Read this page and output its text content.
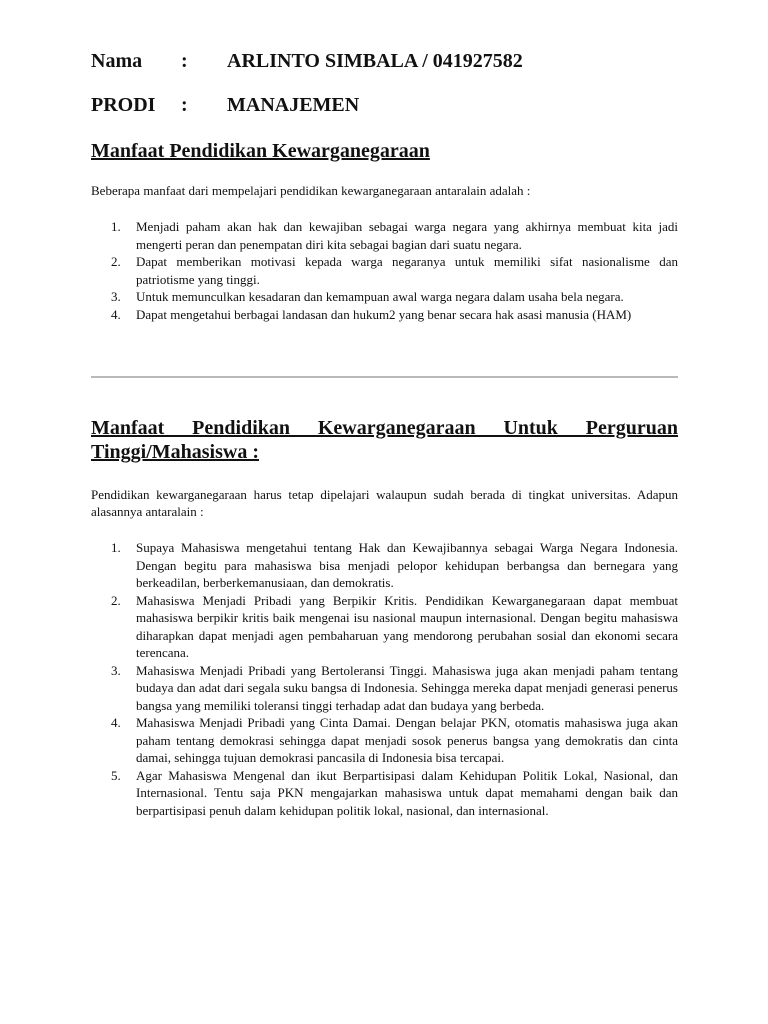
Nama : ARLINTO SIMBALA / 041927582
PRODI : MANAJEMEN
Manfaat Pendidikan Kewarganegaraan

Beberapa manfaat dari mempelajari pendidikan kewarganegaraan antaralain adalah :

1. Menjadi paham akan hak dan kewajiban sebagai warga negara yang akhirnya membuat kita jadi mengerti peran dan penempatan diri kita sebagai bagian dari suatu negara.
2. Dapat memberikan motivasi kepada warga negaranya untuk memiliki sifat nasionalisme dan patriotisme yang tinggi.
3. Untuk memunculkan kesadaran dan kemampuan awal warga negara dalam usaha bela negara.
4. Dapat mengetahui berbagai landasan dan hukum2 yang benar secara hak asasi manusia (HAM)
Manfaat Pendidikan Kewarganegaraan Untuk Perguruan Tinggi/Mahasiswa :

Pendidikan kewarganegaraan harus tetap dipelajari walaupun sudah berada di tingkat universitas. Adapun alasannya antaralain :

1. Supaya Mahasiswa mengetahui tentang Hak dan Kewajibannya sebagai Warga Negara Indonesia. Dengan begitu para mahasiswa bisa menjadi pelopor kehidupan berbangsa dan bernegara yang berkeadilan, berberkemanusiaan, dan demokratis.
2. Mahasiswa Menjadi Pribadi yang Berpikir Kritis. Pendidikan Kewarganegaraan dapat membuat mahasiswa berpikir kritis baik mengenai isu nasional maupun internasional. Dengan begitu mahasiswa diharapkan dapat menjadi agen pembaharuan yang mendorong perubahan sosial dan ekonomi secara terencana.
3. Mahasiswa Menjadi Pribadi yang Bertoleransi Tinggi. Mahasiswa juga akan menjadi paham tentang budaya dan adat dari segala suku bangsa di Indonesia. Sehingga mereka dapat menjadi generasi penerus bangsa yang memiliki toleransi tinggi terhadap adat dan budaya yang berbeda.
4. Mahasiswa Menjadi Pribadi yang Cinta Damai. Dengan belajar PKN, otomatis mahasiswa juga akan paham tentang demokrasi sehingga dapat menjadi sosok penerus bangsa yang demokratis dan cinta damai, sehingga tujuan demokrasi pancasila di Indonesia bisa tercapai.
5. Agar Mahasiswa Mengenal dan ikut Berpartisipasi dalam Kehidupan Politik Lokal, Nasional, dan Internasional. Tentu saja PKN mengajarkan mahasiswa untuk dapat memahami dengan baik dan berpartisipasi penuh dalam kehidupan politik lokal, nasional, dan internasional.
